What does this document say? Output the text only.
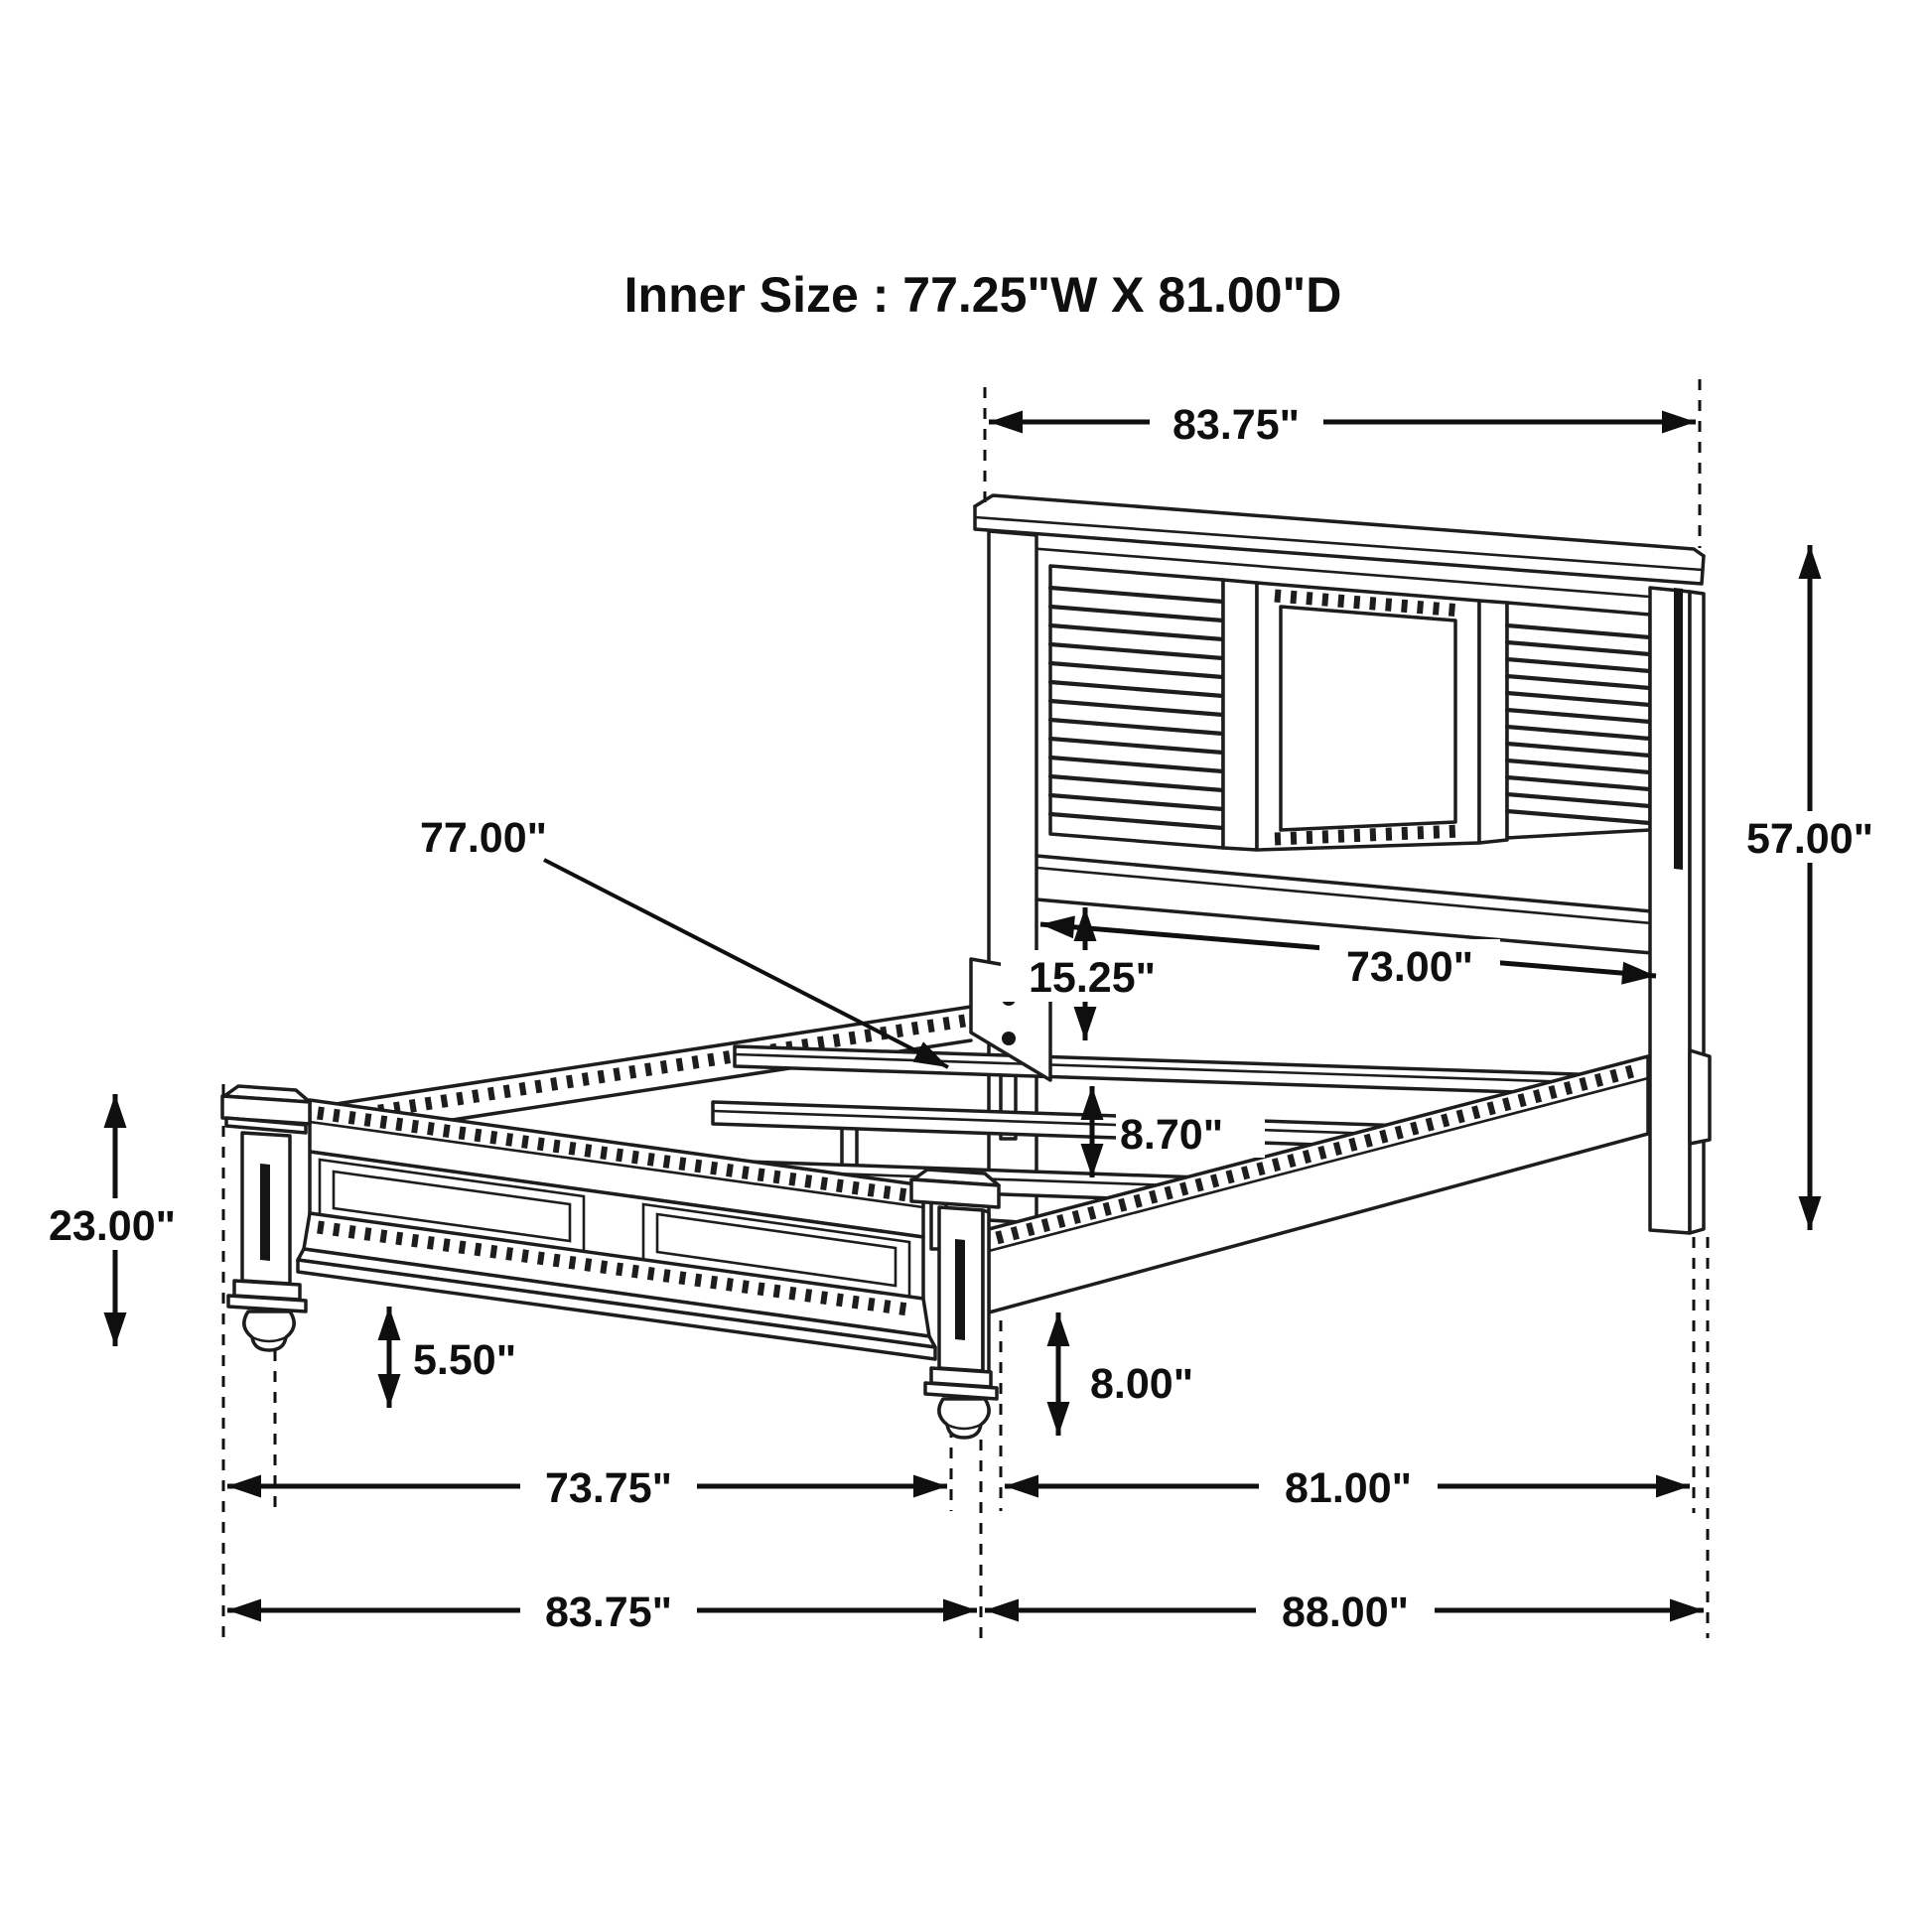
Inner Size : 77.25"W X 81.00"D
83.75"
57.00"
77.00"
73.00"
15.25"
8.70"
23.00"
5.50"	8.00"
73.75"	81.00"
83.75"	88.00"
